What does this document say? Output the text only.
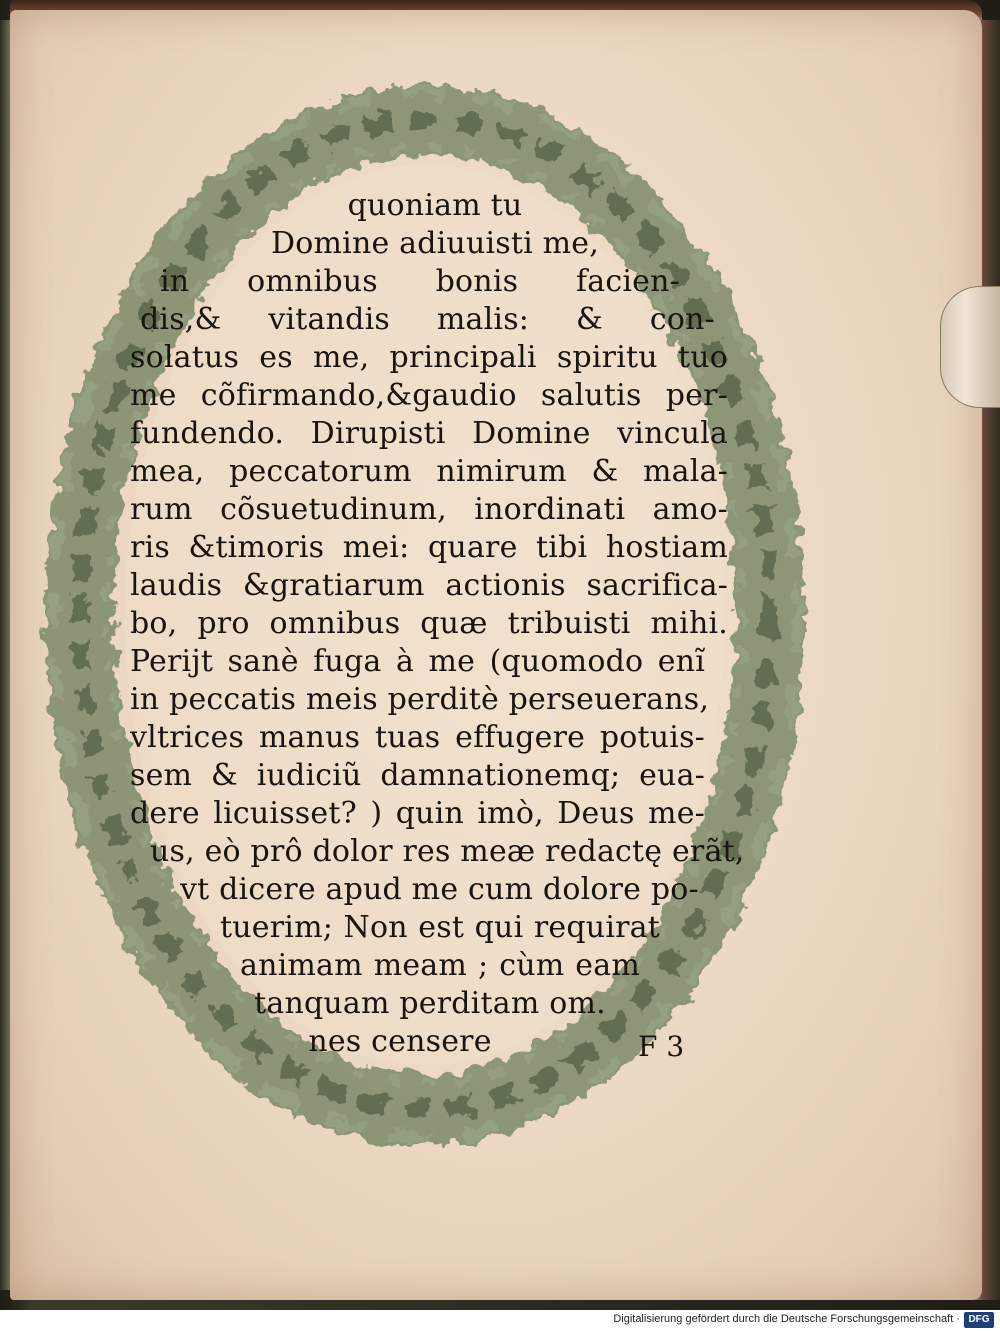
quoniam tu
Domine adiuuisti me,
in omnibus bonis facien-
dis,& vitandis malis: & con-
solatus es me, principali spiritu tuo
me cõfirmando,&gaudio salutis per-
fundendo. Dirupisti Domine vincula
mea, peccatorum nimirum & mala-
rum cõsuetudinum, inordinati amo-
ris &timoris mei: quare tibi hostiam
laudis &gratiarum actionis sacrifica-
bo, pro omnibus quæ tribuisti mihi.
Perijt sanè fuga à me (quomodo enĩ
in peccatis meis perditè perseuerans,
vltrices manus tuas effugere potuis-
sem & iudiciũ damnationemq; eua-
dere licuisset? ) quin imò, Deus me-
us, eò prô dolor res meæ redactę erãt,
vt dicere apud me cum dolore po-
tuerim; Non est qui requirat
animam meam ; cùm eam
tanquam perditam om.
nes censere	F 3
Digitalisierung gefördert durch die Deutsche Forschungsgemeinschaft · DFG
